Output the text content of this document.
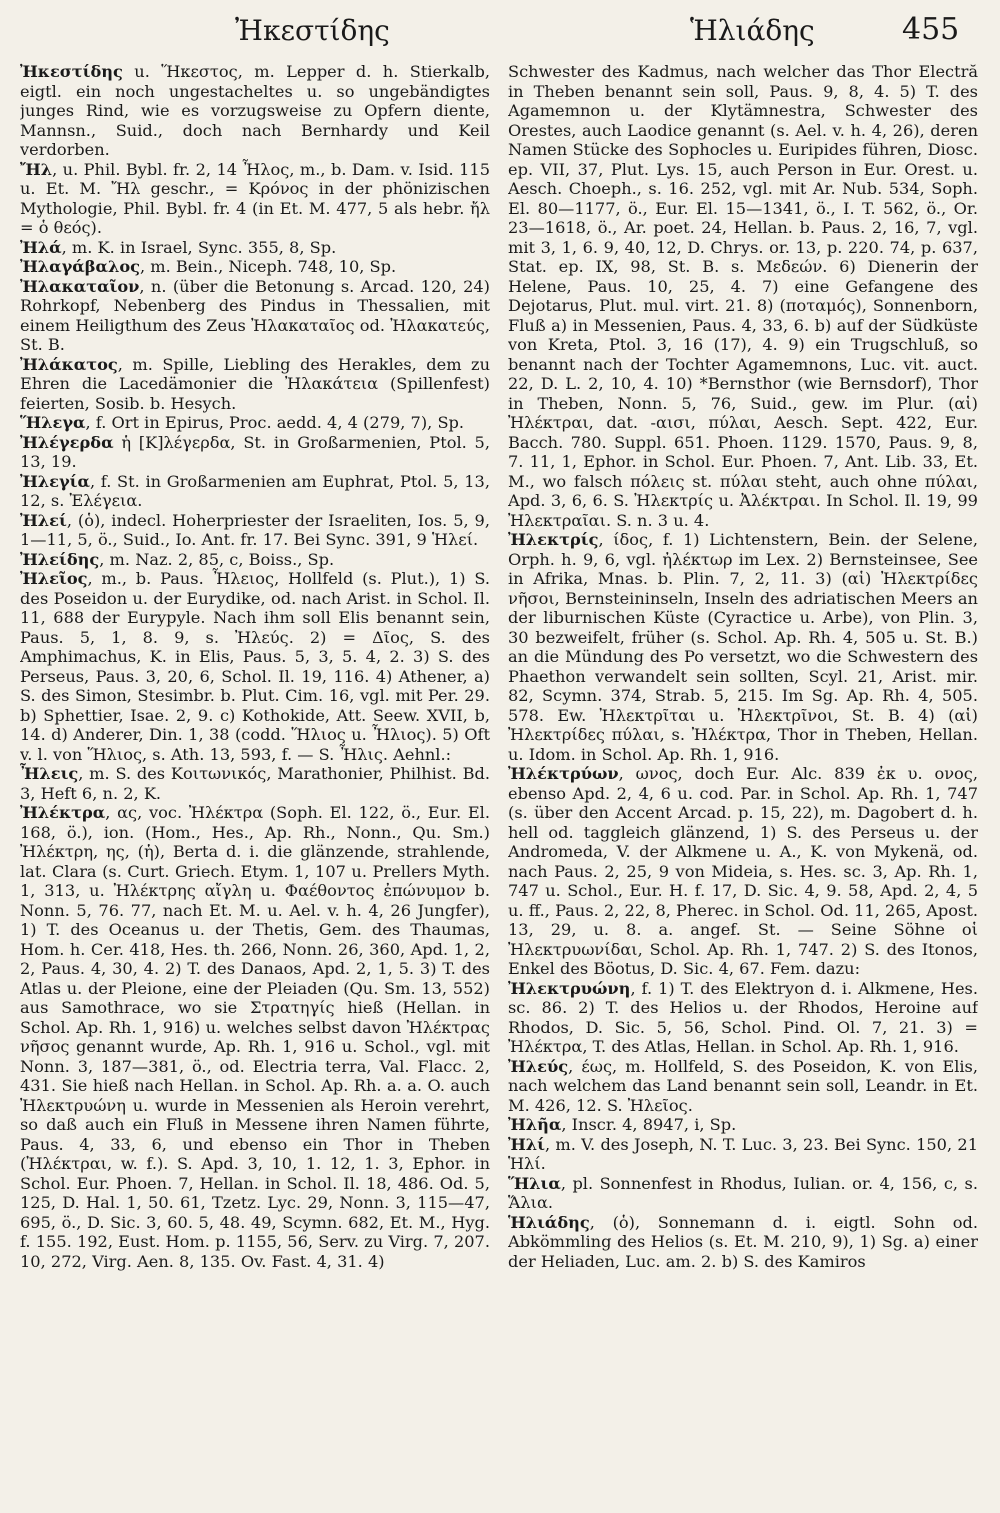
Ἠκεστίδης	Ἡλιάδης	455

Ἠκεστίδης u. Ἥκεστος, m. Lepper d. h. Stierkalb, eigtl. ein noch ungestacheltes u. so ungebändigtes junges Rind, wie es vorzugsweise zu Opfern diente, Mannsn., Suid., doch nach Bernhardy und Keil verdorben.

Ἤλ, u. Phil. Bybl. fr. 2, 14 Ἦλος, m., b. Dam. v. Isid. 115 u. Et. M. Ἤλ geschr., = Κρόνος in der phönizischen Mythologie, Phil. Bybl. fr. 4 (in Et. M. 477, 5 als hebr. ἤλ = ὁ θεός).

Ἠλά, m. K. in Israel, Sync. 355, 8, Sp.

Ἠλαγάβαλος, m. Bein., Niceph. 748, 10, Sp.

Ἠλακαταῖον, n. (über die Betonung s. Arcad. 120, 24) Rohrkopf, Nebenberg des Pindus in Thessalien, mit einem Heiligthum des Zeus Ἠλακαταῖος od. Ἠλακατεύς, St. B.

Ἠλάκατος, m. Spille, Liebling des Herakles, dem zu Ehren die Lacedämonier die Ἠλακάτεια (Spillenfest) feierten, Sosib. b. Hesych.

Ἥλεγα, f. Ort in Epirus, Proc. aedd. 4, 4 (279, 7), Sp.

Ἠλέγερδα ἡ [Κ]λέγερδα, St. in Großarmenien, Ptol. 5, 13, 19.

Ἠλεγία, f. St. in Großarmenien am Euphrat, Ptol. 5, 13, 12, s. Ἐλέγεια.

Ἠλεί, (ὁ), indecl. Hoherpriester der Israeliten, Ios. 5, 9, 1—11, 5, ö., Suid., Io. Ant. fr. 17. Bei Sync. 391, 9 Ἡλεί.

Ἠλείδης, m. Naz. 2, 85, c, Boiss., Sp.

Ἠλεῖος, m., b. Paus. Ἦλειος, Hollfeld (s. Plut.), 1) S. des Poseidon u. der Eurydike, od. nach Arist. in Schol. Il. 11, 688 der Eurypyle. Nach ihm soll Elis benannt sein, Paus. 5, 1, 8. 9, s. Ἠλεύς. 2) = Δῖος, S. des Amphimachus, K. in Elis, Paus. 5, 3, 5. 4, 2. 3) S. des Perseus, Paus. 3, 20, 6, Schol. Il. 19, 116. 4) Athener, a) S. des Simon, Stesimbr. b. Plut. Cim. 16, vgl. mit Per. 29. b) Sphettier, Isae. 2, 9. c) Kothokide, Att. Seew. XVII, b, 14. d) Anderer, Din. 1, 38 (codd. Ἥλιος u. Ἦλιος). 5) Oft v. l. von Ἥλιος, s. Ath. 13, 593, f. — S. Ἦλις. Aehnl.:

Ἦλεις, m. S. des Κοιτωνικός, Marathonier, Philhist. Bd. 3, Heft 6, n. 2, K.

Ἠλέκτρα, ας, voc. Ἠλέκτρα (Soph. El. 122, ö., Eur. El. 168, ö.), ion. (Hom., Hes., Ap. Rh., Nonn., Qu. Sm.) Ἠλέκτρη, ης, (ἡ), Berta d. i. die glänzende, strahlende, lat. Clara (s. Curt. Griech. Etym. 1, 107 u. Prellers Myth. 1, 313, u. Ἠλέκτρης αἴγλη u. Φαέθοντος ἐπώνυμον b. Nonn. 5, 76. 77, nach Et. M. u. Ael. v. h. 4, 26 Jungfer), 1) T. des Oceanus u. der Thetis, Gem. des Thaumas, Hom. h. Cer. 418, Hes. th. 266, Nonn. 26, 360, Apd. 1, 2, 2, Paus. 4, 30, 4. 2) T. des Danaos, Apd. 2, 1, 5. 3) T. des Atlas u. der Pleione, eine der Pleiaden (Qu. Sm. 13, 552) aus Samothrace, wo sie Στρατηγίς hieß (Hellan. in Schol. Ap. Rh. 1, 916) u. welches selbst davon Ἠλέκτρας νῆσος genannt wurde, Ap. Rh. 1, 916 u. Schol., vgl. mit Nonn. 3, 187—381, ö., od. Electria terra, Val. Flacc. 2, 431. Sie hieß nach Hellan. in Schol. Ap. Rh. a. a. O. auch Ἠλεκτρυώνη u. wurde in Messenien als Heroin verehrt, so daß auch ein Fluß in Messene ihren Namen führte, Paus. 4, 33, 6, und ebenso ein Thor in Theben (Ἠλέκτραι, w. f.). S. Apd. 3, 10, 1. 12, 1. 3, Ephor. in Schol. Eur. Phoen. 7, Hellan. in Schol. Il. 18, 486. Od. 5, 125, D. Hal. 1, 50. 61, Tzetz. Lyc. 29, Nonn. 3, 115—47, 695, ö., D. Sic. 3, 60. 5, 48. 49, Scymn. 682, Et. M., Hyg. f. 155. 192, Eust. Hom. p. 1155, 56, Serv. zu Virg. 7, 207. 10, 272, Virg. Aen. 8, 135. Ov. Fast. 4, 31. 4)

Schwester des Kadmus, nach welcher das Thor Electră in Theben benannt sein soll, Paus. 9, 8, 4. 5) T. des Agamemnon u. der Klytämnestra, Schwester des Orestes, auch Laodice genannt (s. Ael. v. h. 4, 26), deren Namen Stücke des Sophocles u. Euripides führen, Diosc. ep. VII, 37, Plut. Lys. 15, auch Person in Eur. Orest. u. Aesch. Choeph., s. 16. 252, vgl. mit Ar. Nub. 534, Soph. El. 80—1177, ö., Eur. El. 15—1341, ö., I. T. 562, ö., Or. 23—1618, ö., Ar. poet. 24, Hellan. b. Paus. 2, 16, 7, vgl. mit 3, 1, 6. 9, 40, 12, D. Chrys. or. 13, p. 220. 74, p. 637, Stat. ep. IX, 98, St. B. s. Μεδεών. 6) Dienerin der Helene, Paus. 10, 25, 4. 7) eine Gefangene des Dejotarus, Plut. mul. virt. 21. 8) (ποταμός), Sonnenborn, Fluß a) in Messenien, Paus. 4, 33, 6. b) auf der Südküste von Kreta, Ptol. 3, 16 (17), 4. 9) ein Trugschluß, so benannt nach der Tochter Agamemnons, Luc. vit. auct. 22, D. L. 2, 10, 4. 10) *Bernsthor (wie Bernsdorf), Thor in Theben, Nonn. 5, 76, Suid., gew. im Plur. (αἱ) Ἠλέκτραι, dat. -αισι, πύλαι, Aesch. Sept. 422, Eur. Bacch. 780. Suppl. 651. Phoen. 1129. 1570, Paus. 9, 8, 7. 11, 1, Ephor. in Schol. Eur. Phoen. 7, Ant. Lib. 33, Et. M., wo falsch πόλεις st. πύλαι steht, auch ohne πύλαι, Apd. 3, 6, 6. S. Ἠλεκτρίς u. Ἀλέκτραι. In Schol. Il. 19, 99 Ἠλεκτραῖαι. S. n. 3 u. 4.

Ἠλεκτρίς, ίδος, f. 1) Lichtenstern, Bein. der Selene, Orph. h. 9, 6, vgl. ἠλέκτωρ im Lex. 2) Bernsteinsee, See in Afrika, Mnas. b. Plin. 7, 2, 11. 3) (αἱ) Ἠλεκτρίδες νῆσοι, Bernsteininseln, Inseln des adriatischen Meers an der liburnischen Küste (Cyractice u. Arbe), von Plin. 3, 30 bezweifelt, früher (s. Schol. Ap. Rh. 4, 505 u. St. B.) an die Mündung des Po versetzt, wo die Schwestern des Phaethon verwandelt sein sollten, Scyl. 21, Arist. mir. 82, Scymn. 374, Strab. 5, 215. Im Sg. Ap. Rh. 4, 505. 578. Ew. Ἠλεκτρῖται u. Ἠλεκτρῖνοι, St. B. 4) (αἱ) Ἠλεκτρίδες πύλαι, s. Ἠλέκτρα, Thor in Theben, Hellan. u. Idom. in Schol. Ap. Rh. 1, 916.

Ἠλέκτρύων, ωνος, doch Eur. Alc. 839 ἐκ υ. ονος, ebenso Apd. 2, 4, 6 u. cod. Par. in Schol. Ap. Rh. 1, 747 (s. über den Accent Arcad. p. 15, 22), m. Dagobert d. h. hell od. taggleich glänzend, 1) S. des Perseus u. der Andromeda, V. der Alkmene u. A., K. von Mykenä, od. nach Paus. 2, 25, 9 von Mideia, s. Hes. sc. 3, Ap. Rh. 1, 747 u. Schol., Eur. H. f. 17, D. Sic. 4, 9. 58, Apd. 2, 4, 5 u. ff., Paus. 2, 22, 8, Pherec. in Schol. Od. 11, 265, Apost. 13, 29, u. 8. a. angef. St. — Seine Söhne οἱ Ἠλεκτρυωνίδαι, Schol. Ap. Rh. 1, 747. 2) S. des Itonos, Enkel des Böotus, D. Sic. 4, 67. Fem. dazu:

Ἠλεκτρυώνη, f. 1) T. des Elektryon d. i. Alkmene, Hes. sc. 86. 2) T. des Helios u. der Rhodos, Heroine auf Rhodos, D. Sic. 5, 56, Schol. Pind. Ol. 7, 21. 3) = Ἠλέκτρα, T. des Atlas, Hellan. in Schol. Ap. Rh. 1, 916.

Ἠλεύς, έως, m. Hollfeld, S. des Poseidon, K. von Elis, nach welchem das Land benannt sein soll, Leandr. in Et. M. 426, 12. S. Ἠλεῖος.

Ἠλῆα, Inscr. 4, 8947, i, Sp.

Ἠλί, m. V. des Joseph, N. T. Luc. 3, 23. Bei Sync. 150, 21 Ἡλί.

Ἥλια, pl. Sonnenfest in Rhodus, Iulian. or. 4, 156, c, s. Ἅλια.

Ἡλιάδης, (ὁ), Sonnemann d. i. eigtl. Sohn od. Abkömmling des Helios (s. Et. M. 210, 9), 1) Sg. a) einer der Heliaden, Luc. am. 2. b) S. des Kamiros
